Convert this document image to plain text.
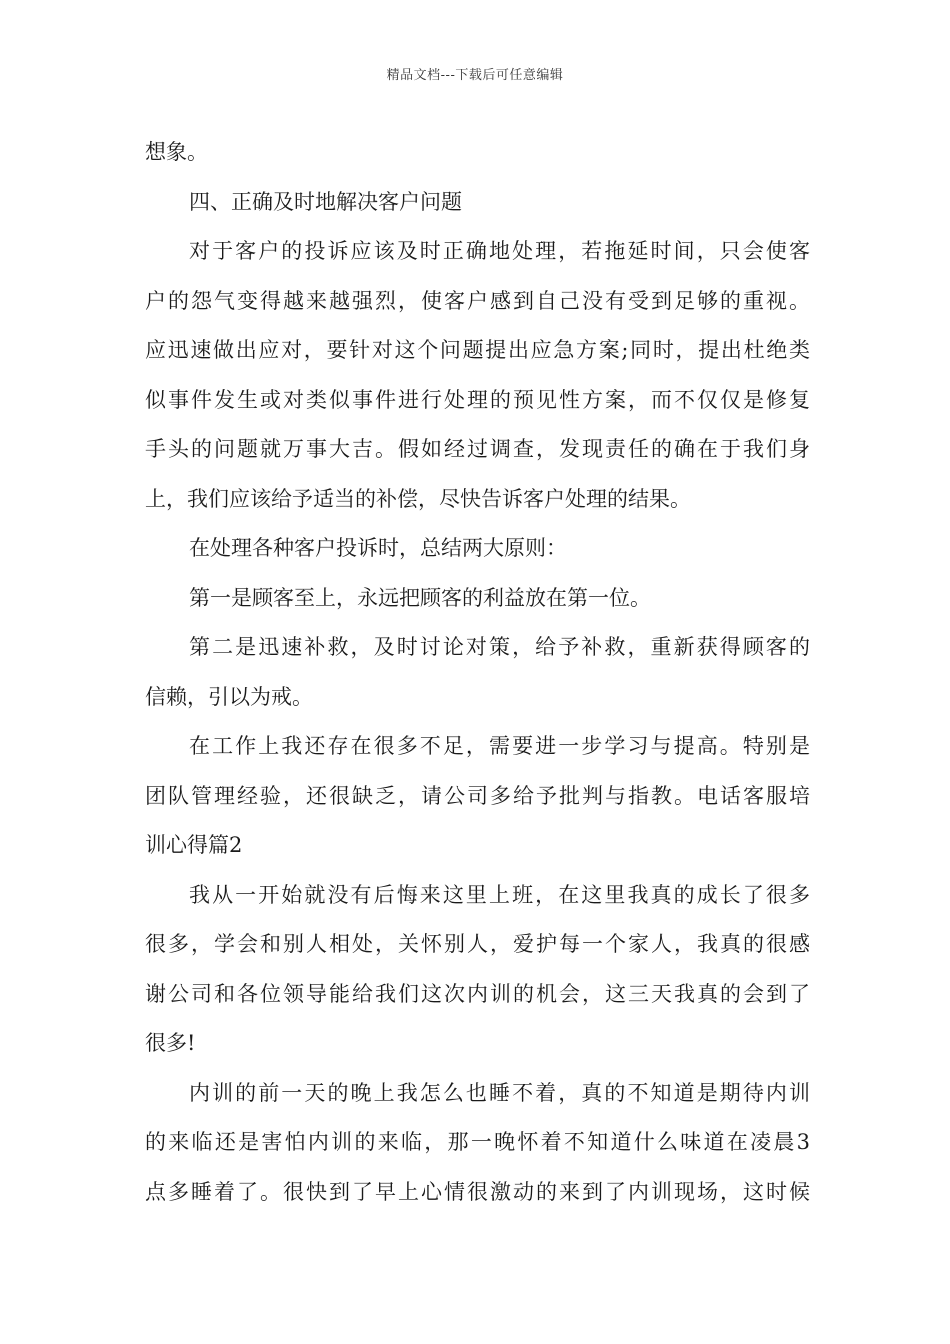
精品文档---下载后可任意编辑
想象。
四、正确及时地解决客户问题
对于客户的投诉应该及时正确地处理，若拖延时间，只会使客
户的怨气变得越来越强烈，使客户感到自己没有受到足够的重视。
应迅速做出应对，要针对这个问题提出应急方案;同时，提出杜绝类
似事件发生或对类似事件进行处理的预见性方案，而不仅仅是修复
手头的问题就万事大吉。假如经过调查，发现责任的确在于我们身
上，我们应该给予适当的补偿，尽快告诉客户处理的结果。
在处理各种客户投诉时，总结两大原则：
第一是顾客至上，永远把顾客的利益放在第一位。
第二是迅速补救，及时讨论对策，给予补救，重新获得顾客的
信赖，引以为戒。
在工作上我还存在很多不足，需要进一步学习与提高。特别是
团队管理经验，还很缺乏，请公司多给予批判与指教。电话客服培
训心得篇2
我从一开始就没有后悔来这里上班，在这里我真的成长了很多
很多，学会和别人相处，关怀别人，爱护每一个家人，我真的很感
谢公司和各位领导能给我们这次内训的机会，这三天我真的会到了
很多!
内训的前一天的晚上我怎么也睡不着，真的不知道是期待内训
的来临还是害怕内训的来临，那一晚怀着不知道什么味道在凌晨3
点多睡着了。很快到了早上心情很激动的来到了内训现场，这时候
